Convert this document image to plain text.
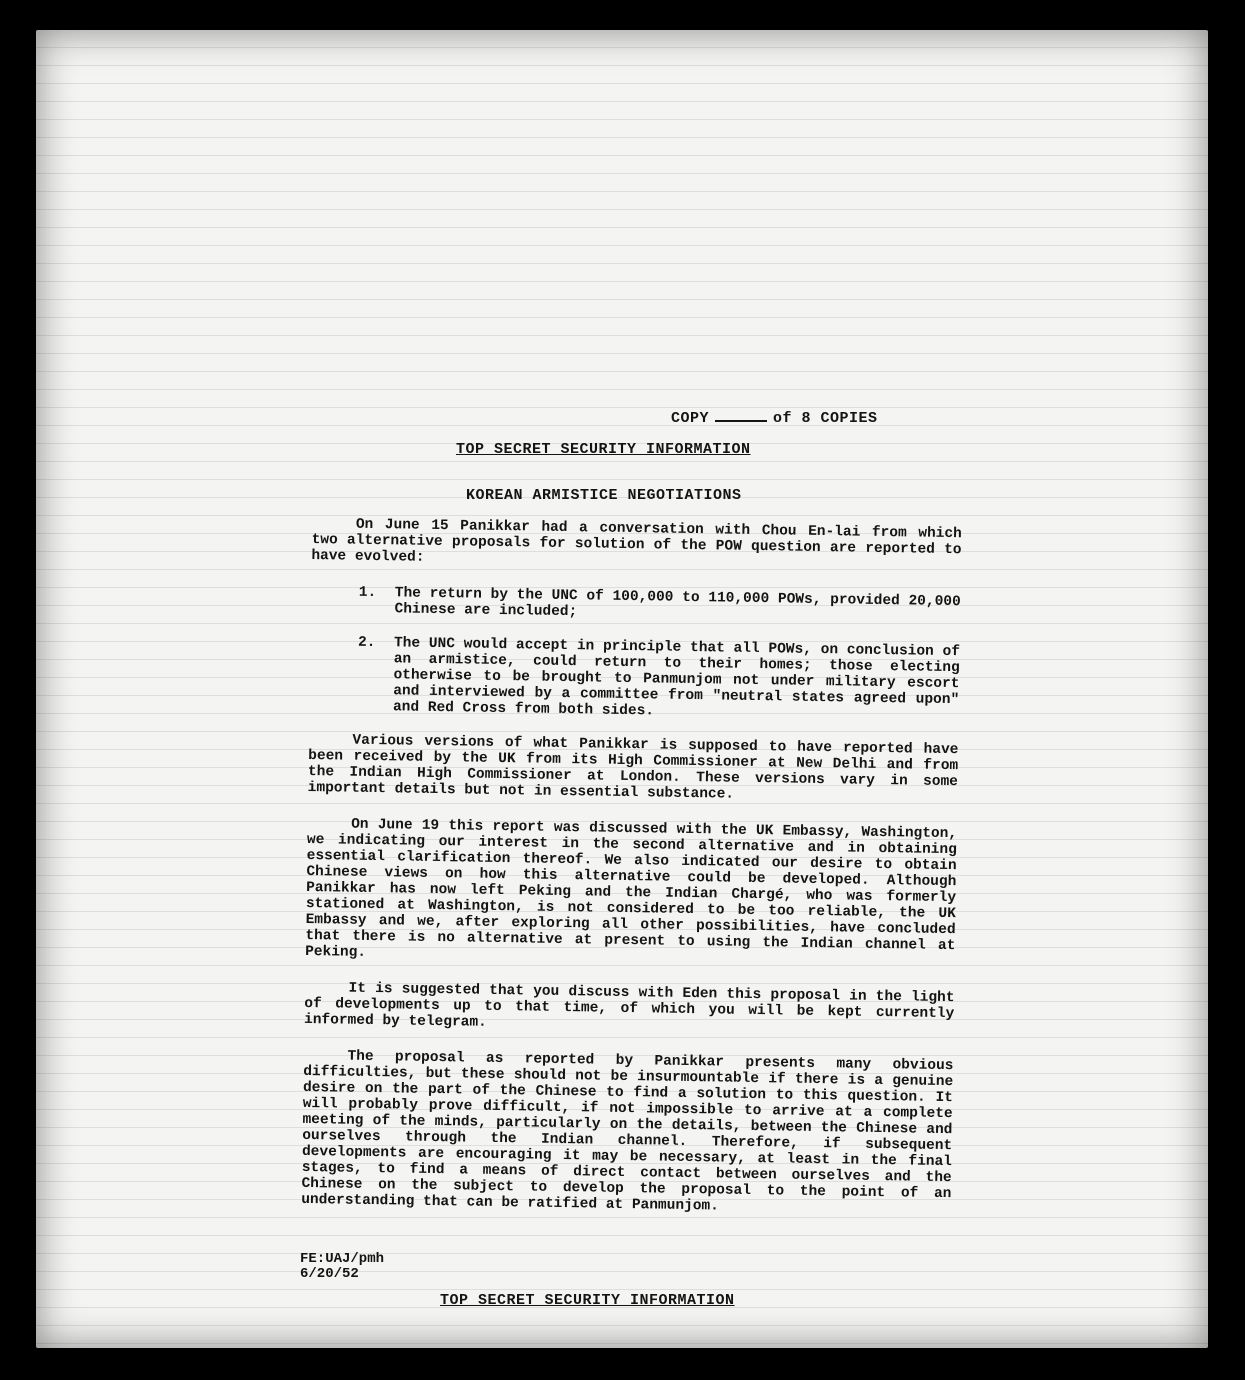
COPY	of 8 COPIES
TOP SECRET SECURITY INFORMATION
KOREAN ARMISTICE NEGOTIATIONS

On June 15 Panikkar had a conversation with Chou En-lai from which two alternative proposals for solution of the POW question are reported to have evolved:

1.	The return by the UNC of 100,000 to 110,000 POWs, provided 20,000 Chinese are included;
2.	The UNC would accept in principle that all POWs, on conclusion of an armistice, could return to their homes; those electing otherwise to be brought to Panmunjom not under military escort and interviewed by a committee from "neutral states agreed upon" and Red Cross from both sides.

Various versions of what Panikkar is supposed to have reported have been received by the UK from its High Commissioner at New Delhi and from the Indian High Commissioner at London. These versions vary in some important details but not in essential substance.

On June 19 this report was discussed with the UK Embassy, Washington, we indicating our interest in the second alternative and in obtaining essential clarification thereof. We also indicated our desire to obtain Chinese views on how this alternative could be developed. Although Panikkar has now left Peking and the Indian Chargé, who was formerly stationed at Washington, is not considered to be too reliable, the UK Embassy and we, after exploring all other possibilities, have concluded that there is no alternative at present to using the Indian channel at Peking.

It is suggested that you discuss with Eden this proposal in the light of developments up to that time, of which you will be kept currently informed by telegram.

The proposal as reported by Panikkar presents many obvious difficulties, but these should not be insurmountable if there is a genuine desire on the part of the Chinese to find a solution to this question. It will probably prove difficult, if not impossible to arrive at a complete meeting of the minds, particularly on the details, between the Chinese and ourselves through the Indian channel. Therefore, if subsequent developments are encouraging it may be necessary, at least in the final stages, to find a means of direct contact between ourselves and the Chinese on the subject to develop the proposal to the point of an understanding that can be ratified at Panmunjom.

FE:UAJ/pmh
6/20/52
TOP SECRET SECURITY INFORMATION
